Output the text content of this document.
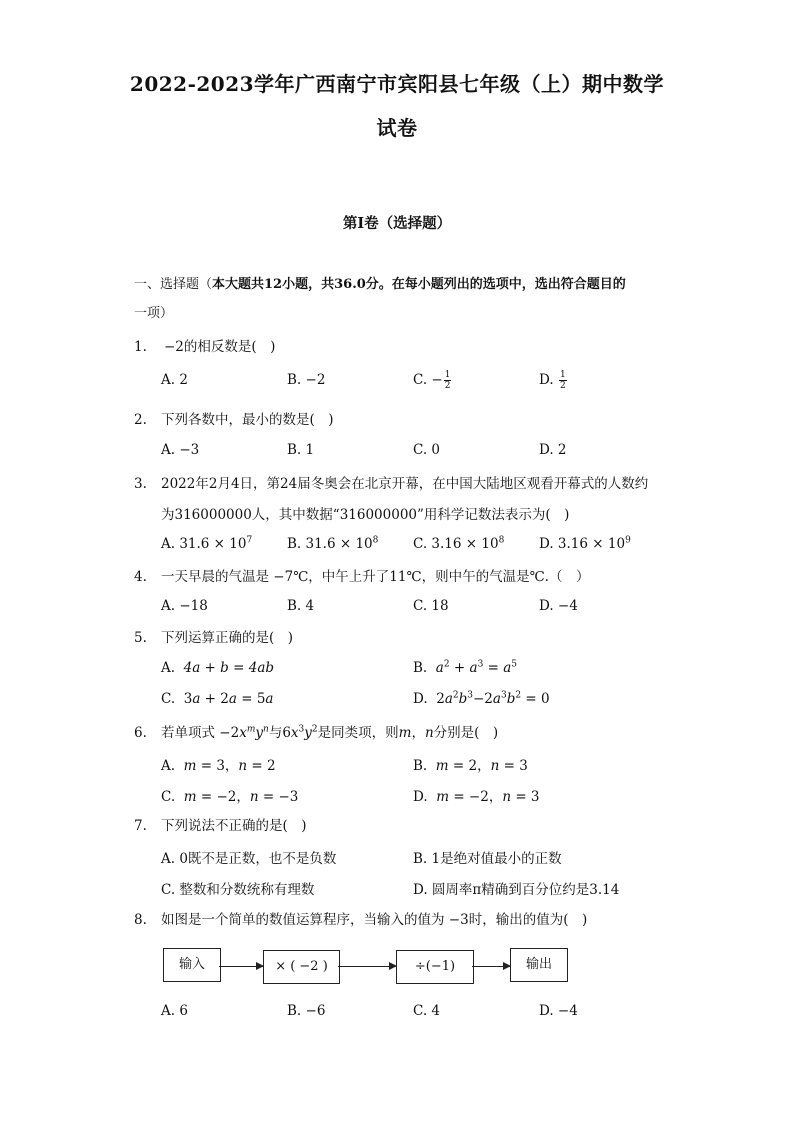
2022-2023学年广西南宁市宾阳县七年级（上）期中数学
试卷
第Ⅰ卷（选择题）
一、选择题（本大题共12小题，共36.0分。在每小题列出的选项中，选出符合题目的
一项）
1.	−2的相反数是(　)
A. 2	B. −2	C. − $\frac{1}{2}$	D. $\frac{1}{2}$
2.	下列各数中，最小的数是(　)
A. −3	B. 1	C. 0	D. 2
3.	2022年2月4日，第24届冬奥会在北京开幕，在中国大陆地区观看开幕式的人数约
为316000000人，其中数据“316000000”用科学记数法表示为(　)
A. $31.6 \times 10^7$	B. $31.6 \times 10^8$	C. $3.16 \times 10^8$	D. $3.16 \times 10^9$
4.	一天早晨的气温是 −7℃，中午上升了11℃，则中午的气温是℃.（　）
A. −18	B. 4	C. 18	D. −4
5.	下列运算正确的是(　)
A.  4a + b = 4ab	B.  $a^2 + a^3 = a^5$
C.  3a + 2a = 5a	D.  $2a^2b^3-2a^3b^2 = 0$
6.	若单项式 $-2x^my^n$与$6x^3y^2$是同类项，则m，n分别是(　)
A.  m = 3，n = 2	B.  m = 2，n = 3
C.  m = −2，n = −3	D.  m = −2，n = 3
7.	下列说法不正确的是(　)
A. 0既不是正数，也不是负数	B. 1是绝对值最小的正数
C. 整数和分数统称有理数	D. 圆周率π精确到百分位约是3.14
8.	如图是一个简单的数值运算程序，当输入的值为 −3时，输出的值为(　)
输入	× ( −2 )	÷(−1)	输出
A. 6	B. −6	C. 4	D. −4
